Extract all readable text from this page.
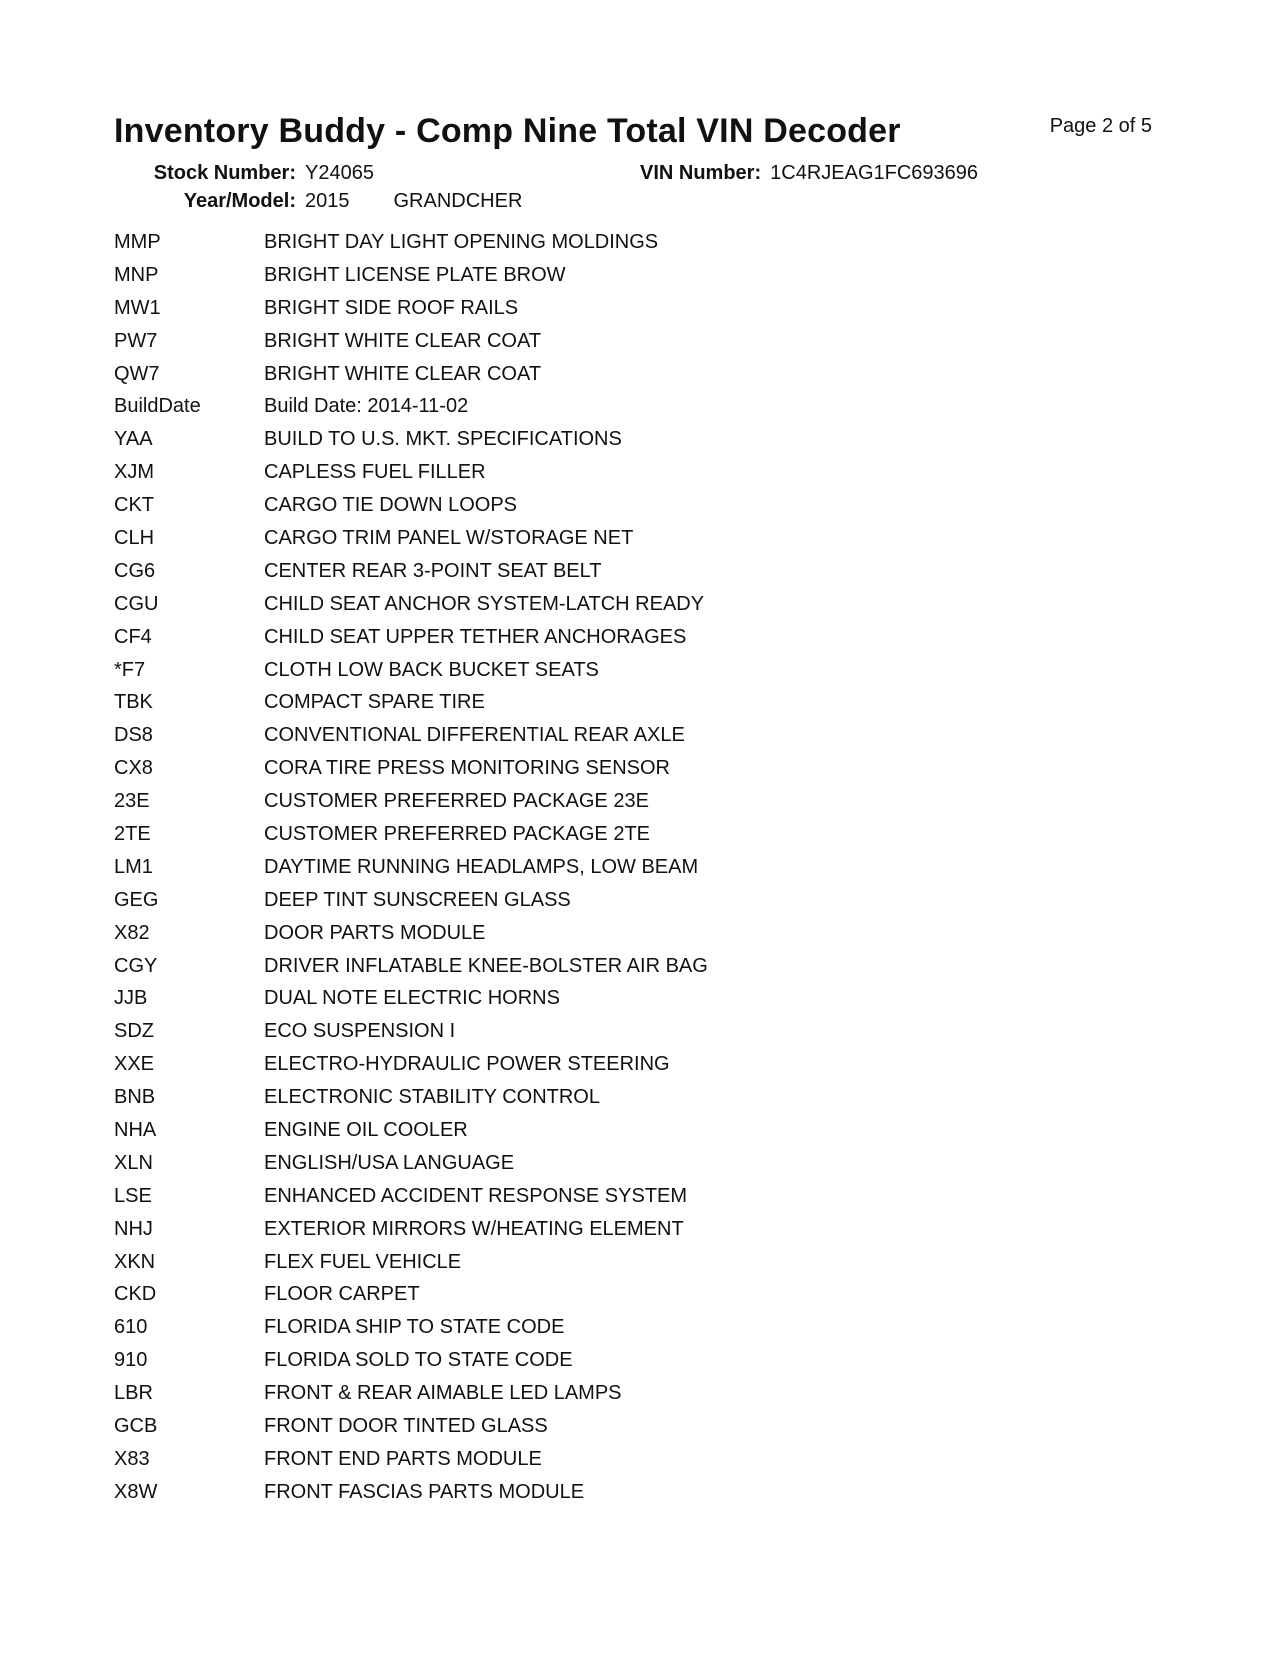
Inventory Buddy - Comp Nine Total VIN Decoder	Page 2 of 5
Stock Number: Y24065	VIN Number: 1C4RJEAG1FC693696
Year/Model: 2015 GRANDCHER
MMP	BRIGHT DAY LIGHT OPENING MOLDINGS
MNP	BRIGHT LICENSE PLATE BROW
MW1	BRIGHT SIDE ROOF RAILS
PW7	BRIGHT WHITE CLEAR COAT
QW7	BRIGHT WHITE CLEAR COAT
BuildDate	Build Date: 2014-11-02
YAA	BUILD TO U.S. MKT. SPECIFICATIONS
XJM	CAPLESS FUEL FILLER
CKT	CARGO TIE DOWN LOOPS
CLH	CARGO TRIM PANEL W/STORAGE NET
CG6	CENTER REAR 3-POINT SEAT BELT
CGU	CHILD SEAT ANCHOR SYSTEM-LATCH READY
CF4	CHILD SEAT UPPER TETHER ANCHORAGES
*F7	CLOTH LOW BACK BUCKET SEATS
TBK	COMPACT SPARE TIRE
DS8	CONVENTIONAL DIFFERENTIAL REAR AXLE
CX8	CORA TIRE PRESS MONITORING SENSOR
23E	CUSTOMER PREFERRED PACKAGE 23E
2TE	CUSTOMER PREFERRED PACKAGE 2TE
LM1	DAYTIME RUNNING HEADLAMPS, LOW BEAM
GEG	DEEP TINT SUNSCREEN GLASS
X82	DOOR PARTS MODULE
CGY	DRIVER INFLATABLE KNEE-BOLSTER AIR BAG
JJB	DUAL NOTE ELECTRIC HORNS
SDZ	ECO SUSPENSION I
XXE	ELECTRO-HYDRAULIC POWER STEERING
BNB	ELECTRONIC STABILITY CONTROL
NHA	ENGINE OIL COOLER
XLN	ENGLISH/USA LANGUAGE
LSE	ENHANCED ACCIDENT RESPONSE SYSTEM
NHJ	EXTERIOR MIRRORS W/HEATING ELEMENT
XKN	FLEX FUEL VEHICLE
CKD	FLOOR CARPET
610	FLORIDA SHIP TO STATE CODE
910	FLORIDA SOLD TO STATE CODE
LBR	FRONT & REAR AIMABLE LED LAMPS
GCB	FRONT DOOR TINTED GLASS
X83	FRONT END PARTS MODULE
X8W	FRONT FASCIAS PARTS MODULE
